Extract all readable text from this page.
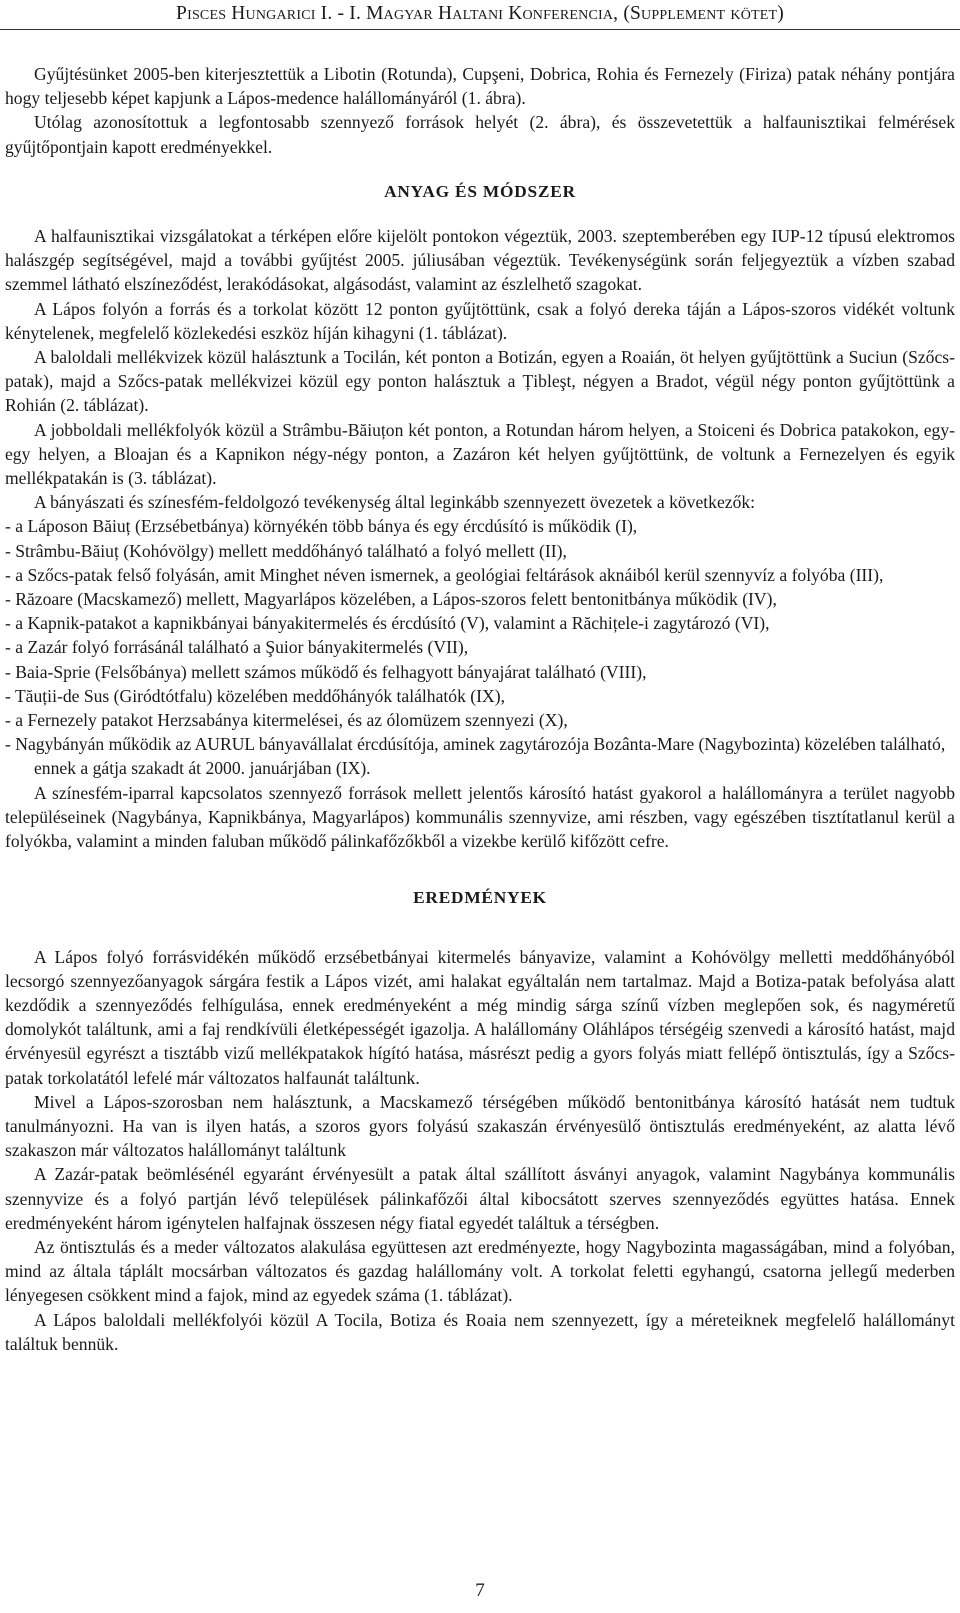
Pisces Hungarici I. - I. Magyar Haltani Konferencia, (Supplement kötet)

Gyűjtésünket 2005-ben kiterjesztettük a Libotin (Rotunda), Cupşeni, Dobrica, Rohia és Fernezely (Firiza) patak néhány pontjára hogy teljesebb képet kapjunk a Lápos-medence halállományáról (1. ábra).

Utólag azonosítottuk a legfontosabb szennyező források helyét (2. ábra), és összevetettük a halfaunisztikai felmérések gyűjtőpontjain kapott eredményekkel.

ANYAG ÉS MÓDSZER

A halfaunisztikai vizsgálatokat a térképen előre kijelölt pontokon végeztük, 2003. szeptemberében egy IUP-12 típusú elektromos halászgép segítségével, majd a további gyűjtést 2005. júliusában végeztük. Tevékenységünk során feljegyeztük a vízben szabad szemmel látható elszíneződést, lerakódásokat, algásodást, valamint az észlelhető szagokat.

A Lápos folyón a forrás és a torkolat között 12 ponton gyűjtöttünk, csak a folyó dereka táján a Lápos-szoros vidékét voltunk kénytelenek, megfelelő közlekedési eszköz híján kihagyni (1. táblázat).

A baloldali mellékvizek közül halásztunk a Tocilán, két ponton a Botizán, egyen a Roaián, öt helyen gyűjtöttünk a Suciun (Szőcs-patak), majd a Szőcs-patak mellékvizei közül egy ponton halásztuk a Țibleşt, négyen a Bradot, végül négy ponton gyűjtöttünk a Rohián (2. táblázat).

A jobboldali mellékfolyók közül a Strâmbu-Băiuțon két ponton, a Rotundan három helyen, a Stoiceni és Dobrica patakokon, egy-egy helyen, a Bloajan és a Kapnikon négy-négy ponton, a Zazáron két helyen gyűjtöttünk, de voltunk a Fernezelyen és egyik mellékpatakán is (3. táblázat).

A bányászati és színesfém-feldolgozó tevékenység által leginkább szennyezett övezetek a következők:

- a Láposon Băiuț (Erzsébetbánya) környékén több bánya és egy ércdúsító is működik (I),

- Strâmbu-Băiuț (Kohóvölgy) mellett meddőhányó található a folyó mellett (II),

- a Szőcs-patak felső folyásán, amit Minghet néven ismernek, a geológiai feltárások aknáiból kerül szennyvíz a folyóba (III),

- Răzoare (Macskamező) mellett, Magyarlápos közelében, a Lápos-szoros felett bentonitbánya működik (IV),

- a Kapnik-patakot a kapnikbányai bányakitermelés és ércdúsító (V), valamint a Răchițele-i zagytározó (VI),

- a Zazár folyó forrásánál található a Şuior bányakitermelés (VII),

- Baia-Sprie (Felsőbánya) mellett számos működő és felhagyott bányajárat található (VIII),

- Tăuții-de Sus (Giródtótfalu) közelében meddőhányók találhatók (IX),

- a Fernezely patakot Herzsabánya kitermelései, és az ólomüzem szennyezi (X),

- Nagybányán működik az AURUL bányavállalat ércdúsítója, aminek zagytározója Bozânta-Mare (Nagybozinta) közelében található, ennek a gátja szakadt át 2000. januárjában (IX).

A színesfém-iparral kapcsolatos szennyező források mellett jelentős károsító hatást gyakorol a halállományra a terület nagyobb településeinek (Nagybánya, Kapnikbánya, Magyarlápos) kommunális szennyvize, ami részben, vagy egészében tisztítatlanul kerül a folyókba, valamint a minden faluban működő pálinkafőzőkből a vizekbe kerülő kifőzött cefre.

EREDMÉNYEK

A Lápos folyó forrásvidékén működő erzsébetbányai kitermelés bányavize, valamint a Kohóvölgy melletti meddőhányóból lecsorgó szennyezőanyagok sárgára festik a Lápos vizét, ami halakat egyáltalán nem tartalmaz. Majd a Botiza-patak befolyása alatt kezdődik a szennyeződés felhígulása, ennek eredményeként a még mindig sárga színű vízben meglepően sok, és nagyméretű domolykót találtunk, ami a faj rendkívüli életképességét igazolja. A halállomány Oláhlápos térségéig szenvedi a károsító hatást, majd érvényesül egyrészt a tisztább vizű mellékpatakok hígító hatása, másrészt pedig a gyors folyás miatt fellépő öntisztulás, így a Szőcs-patak torkolatától lefelé már változatos halfaunát találtunk.

Mivel a Lápos-szorosban nem halásztunk, a Macskamező térségében működő bentonitbánya károsító hatását nem tudtuk tanulmányozni. Ha van is ilyen hatás, a szoros gyors folyású szakaszán érvényesülő öntisztulás eredményeként, az alatta lévő szakaszon már változatos halállományt találtunk

A Zazár-patak beömlésénél egyaránt érvényesült a patak által szállított ásványi anyagok, valamint Nagybánya kommunális szennyvize és a folyó partján lévő települések pálinkafőzői által kibocsátott szerves szennyeződés együttes hatása. Ennek eredményeként három igénytelen halfajnak összesen négy fiatal egyedét találtuk a térségben.

Az öntisztulás és a meder változatos alakulása együttesen azt eredményezte, hogy Nagybozinta magasságában, mind a folyóban, mind az általa táplált mocsárban változatos és gazdag halállomány volt. A torkolat feletti egyhangú, csatorna jellegű mederben lényegesen csökkent mind a fajok, mind az egyedek száma (1. táblázat).

A Lápos baloldali mellékfolyói közül A Tocila, Botiza és Roaia nem szennyezett, így a méreteiknek megfelelő halállományt találtuk bennük.

7
